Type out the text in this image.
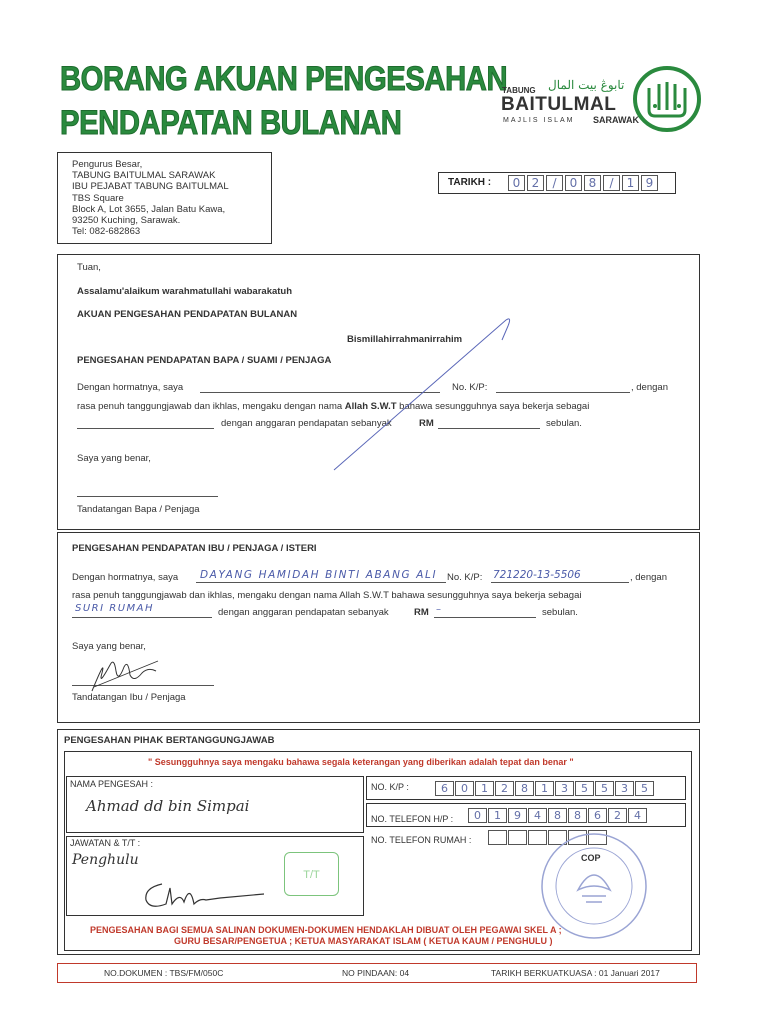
BORANG AKUAN PENGESAHAN
PENDAPATAN BULANAN
تابوڠ بيت المال
TABUNG
BAITULMAL
MAJLIS ISLAM SARAWAK
Pengurus Besar,
TABUNG BAITULMAL SARAWAK
IBU PEJABAT TABUNG BAITULMAL
TBS Square
Block A, Lot 3655, Jalan Batu Kawa,
93250 Kuching, Sarawak.
Tel: 082-682863
TARIKH :	0 2	/	0 8	/	1 9
Tuan,
Assalamu'alaikum warahmatullahi wabarakatuh
AKUAN PENGESAHAN PENDAPATAN BULANAN
Bismillahirrahmanirrahim
PENGESAHAN PENDAPATAN BAPA / SUAMI / PENJAGA
Dengan hormatnya, saya	No. K/P:	, dengan
rasa penuh tanggungjawab dan ikhlas, mengaku dengan nama Allah S.W.T bahawa sesungguhnya saya bekerja sebagai
dengan anggaran pendapatan sebanyak	RM	sebulan.
Saya yang benar,
Tandatangan Bapa / Penjaga
PENGESAHAN PENDAPATAN IBU / PENJAGA / ISTERI
Dengan hormatnya, saya DAYANG HAMIDAH BINTI ABANG ALI No. K/P: 721220-13-5506	, dengan
rasa penuh tanggungjawab dan ikhlas, mengaku dengan nama Allah S.W.T bahawa sesungguhnya saya bekerja sebagai
SURI RUMAH	dengan anggaran pendapatan sebanyak	RM –	sebulan.
Saya yang benar,
Tandatangan Ibu / Penjaga
PENGESAHAN PIHAK BERTANGGUNGJAWAB
" Sesungguhnya saya mengaku bahawa segala keterangan yang diberikan adalah tepat dan benar "
NAMA PENGESAH :
Ahmad dd bin Simpai
NO. K/P :	6	0	1	2	8	1	3	5	5	3	5
NO. TELEFON H/P :	0	1	9	4	8	8	6	2	4
NO. TELEFON RUMAH :
JAWATAN & T/T :
Penghulu
T/T
COP
PENGESAHAN BAGI SEMUA SALINAN DOKUMEN-DOKUMEN HENDAKLAH DIBUAT OLEH PEGAWAI SKEL A ;
GURU BESAR/PENGETUA ; KETUA MASYARAKAT ISLAM ( KETUA KAUM / PENGHULU )
NO.DOKUMEN : TBS/FM/050C	NO PINDAAN: 04	TARIKH BERKUATKUASA : 01 Januari 2017
